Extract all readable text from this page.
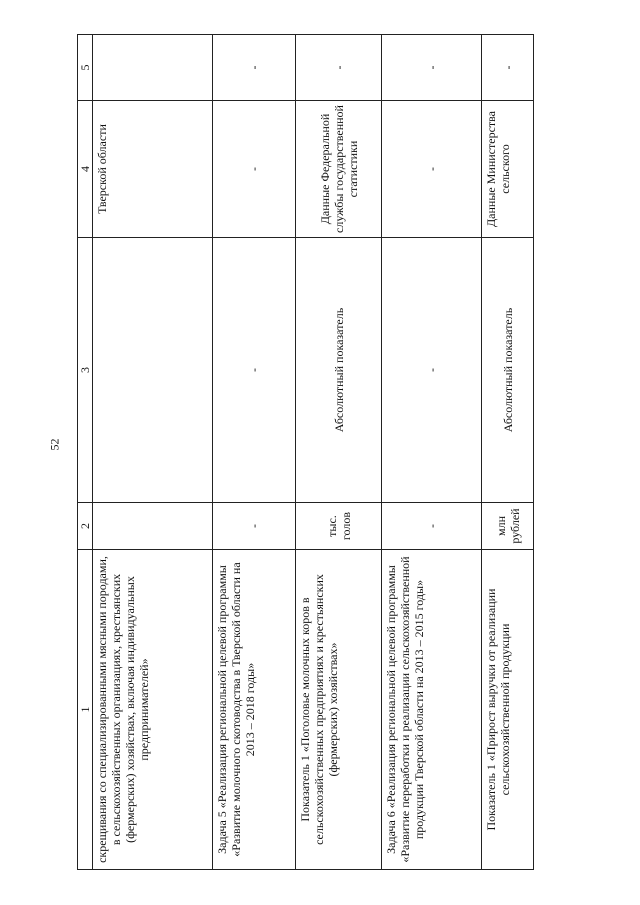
52
1	2	3	4	5
скрещивания со специализированными мясными породами, в сельскохозяйственных организациях, крестьянских (фермерских) хозяйствах, включая индивидуальных предпринимателей»			Тверской области	
Задача 5 «Реализация региональной целевой программы «Развитие молочного скотоводства в Тверской области на 2013 – 2018 годы»	-	-	-	-
Показатель 1 «Поголовье молочных коров в сельскохозяйственных предприятиях и крестьянских (фермерских) хозяйствах»	тыс. голов	Абсолютный показатель	Данные Федеральной службы государственной статистики	-
Задача 6 «Реализация региональной целевой программы «Развитие переработки и реализации сельскохозяйственной продукции Тверской области на 2013 – 2015 годы»	-	-	-	-
Показатель 1 «Прирост выручки от реализации сельскохозяйственной продукции	млн рублей	Абсолютный показатель	Данные Министерства сельского	-
